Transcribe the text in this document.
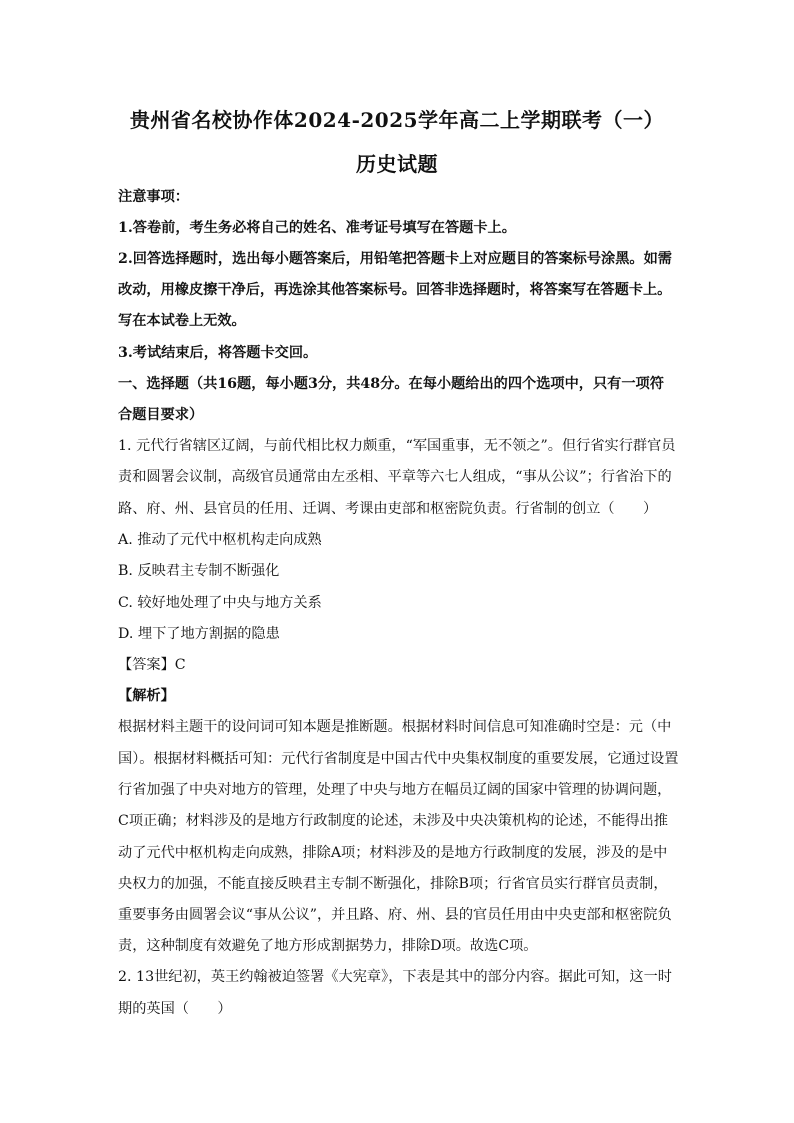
贵州省名校协作体2024-2025学年高二上学期联考（一）
历史试题
注意事项：
1.答卷前，考生务必将自己的姓名、准考证号填写在答题卡上。
2.回答选择题时，选出每小题答案后，用铅笔把答题卡上对应题目的答案标号涂黑。如需
改动，用橡皮擦干净后，再选涂其他答案标号。回答非选择题时，将答案写在答题卡上。
写在本试卷上无效。
3.考试结束后，将答题卡交回。
一、选择题（共16题，每小题3分，共48分。在每小题给出的四个选项中，只有一项符
合题目要求）
1. 元代行省辖区辽阔，与前代相比权力颇重，“军国重事，无不领之”。但行省实行群官员
责和圆署会议制，高级官员通常由左丞相、平章等六七人组成，“事从公议”；行省治下的
路、府、州、县官员的任用、迁调、考课由吏部和枢密院负责。行省制的创立（　　）
A. 推动了元代中枢机构走向成熟
B. 反映君主专制不断强化
C. 较好地处理了中央与地方关系
D. 埋下了地方割据的隐患
【答案】C
【解析】
根据材料主题干的设问词可知本题是推断题。根据材料时间信息可知准确时空是：元（中
国）。根据材料概括可知：元代行省制度是中国古代中央集权制度的重要发展，它通过设置
行省加强了中央对地方的管理，处理了中央与地方在幅员辽阔的国家中管理的协调问题，
C项正确；材料涉及的是地方行政制度的论述，未涉及中央决策机构的论述，不能得出推
动了元代中枢机构走向成熟，排除A项；材料涉及的是地方行政制度的发展，涉及的是中
央权力的加强，不能直接反映君主专制不断强化，排除B项；行省官员实行群官员责制，
重要事务由圆署会议“事从公议”，并且路、府、州、县的官员任用由中央吏部和枢密院负
责，这种制度有效避免了地方形成割据势力，排除D项。故选C项。
2. 13世纪初，英王约翰被迫签署《大宪章》，下表是其中的部分内容。据此可知，这一时
期的英国（　　）
